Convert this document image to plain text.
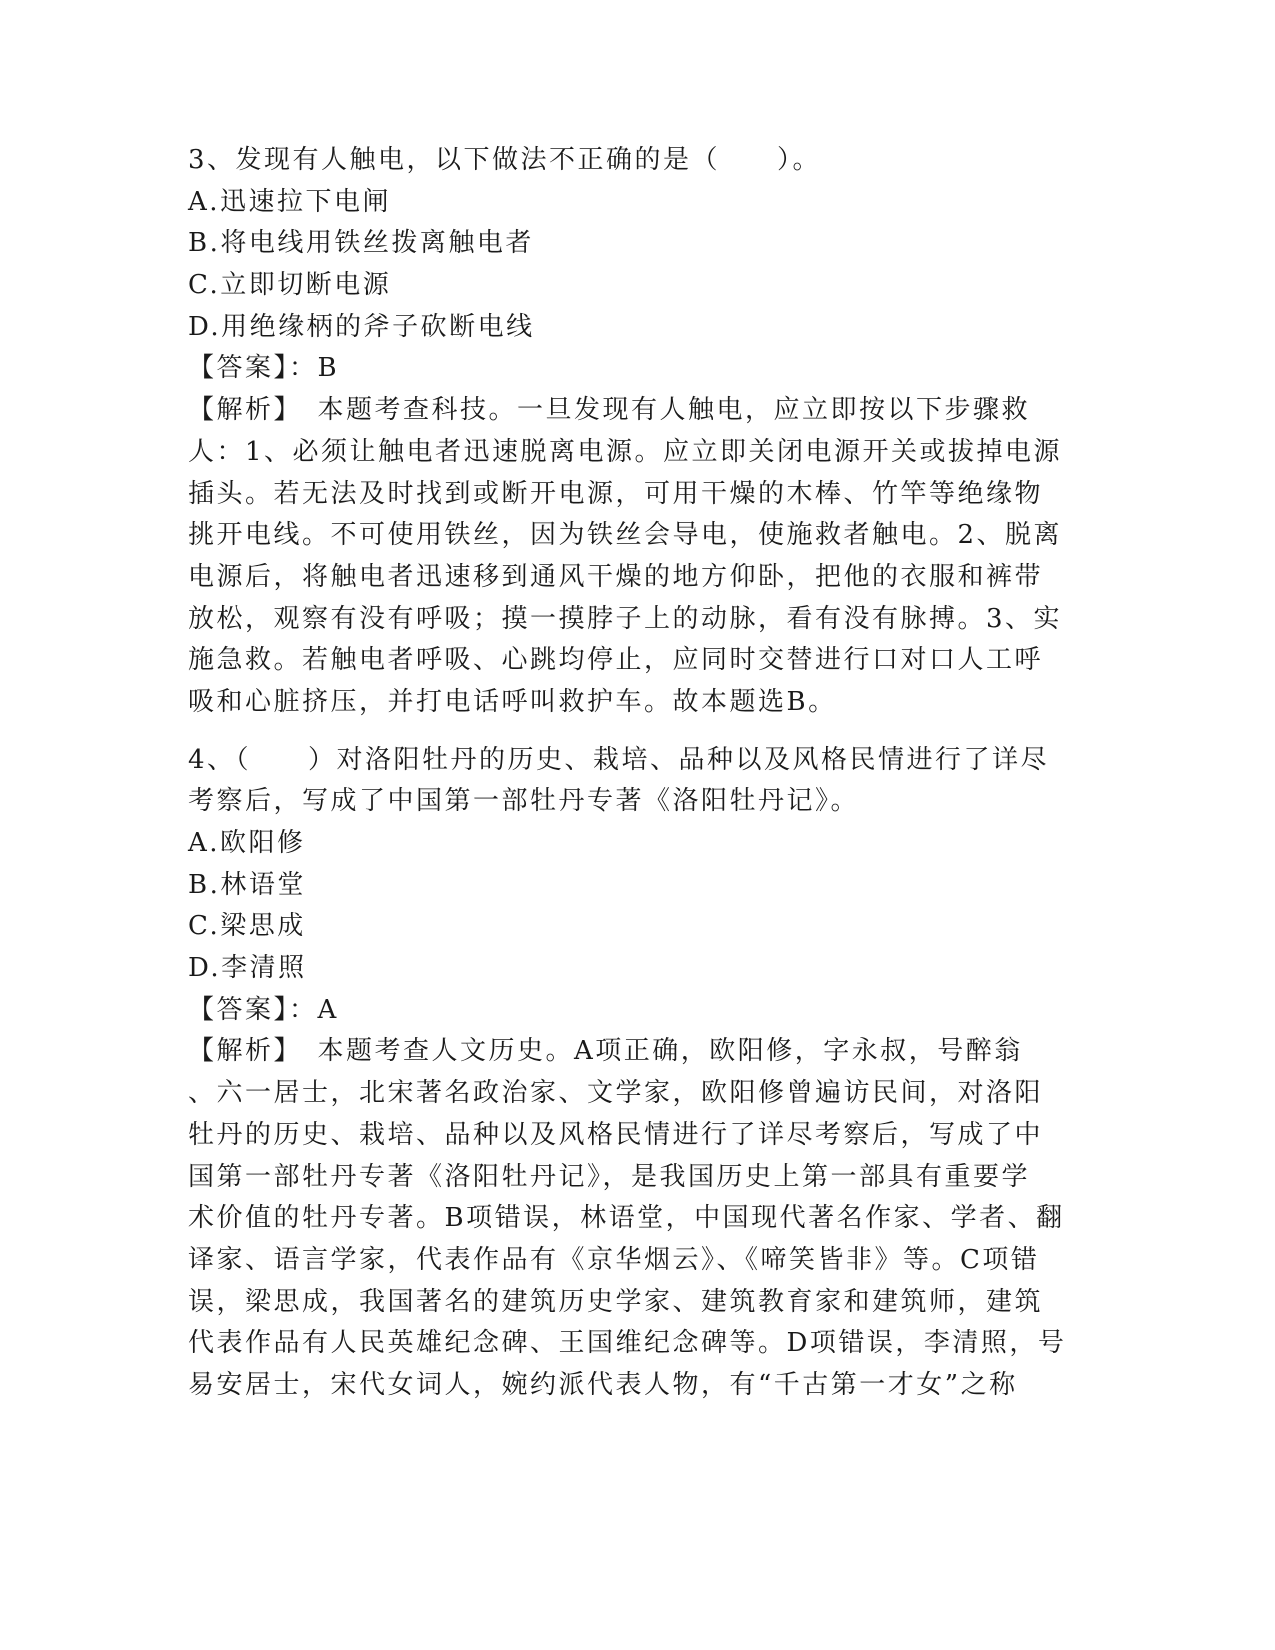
3、发现有人触电，以下做法不正确的是（　　）。
A.迅速拉下电闸
B.将电线用铁丝拨离触电者
C.立即切断电源
D.用绝缘柄的斧子砍断电线
【答案】：B
【解析】　本题考查科技。一旦发现有人触电，应立即按以下步骤救
人：1、必须让触电者迅速脱离电源。应立即关闭电源开关或拔掉电源
插头。若无法及时找到或断开电源，可用干燥的木棒、竹竿等绝缘物
挑开电线。不可使用铁丝，因为铁丝会导电，使施救者触电。2、脱离
电源后，将触电者迅速移到通风干燥的地方仰卧，把他的衣服和裤带
放松，观察有没有呼吸；摸一摸脖子上的动脉，看有没有脉搏。3、实
施急救。若触电者呼吸、心跳均停止，应同时交替进行口对口人工呼
吸和心脏挤压，并打电话呼叫救护车。故本题选B。
4、（　　）对洛阳牡丹的历史、栽培、品种以及风格民情进行了详尽
考察后，写成了中国第一部牡丹专著《洛阳牡丹记》。
A.欧阳修
B.林语堂
C.梁思成
D.李清照
【答案】：A
【解析】　本题考查人文历史。A项正确，欧阳修，字永叔，号醉翁
、六一居士，北宋著名政治家、文学家，欧阳修曾遍访民间，对洛阳
牡丹的历史、栽培、品种以及风格民情进行了详尽考察后，写成了中
国第一部牡丹专著《洛阳牡丹记》，是我国历史上第一部具有重要学
术价值的牡丹专著。B项错误，林语堂，中国现代著名作家、学者、翻
译家、语言学家，代表作品有《京华烟云》、《啼笑皆非》等。C项错
误，梁思成，我国著名的建筑历史学家、建筑教育家和建筑师，建筑
代表作品有人民英雄纪念碑、王国维纪念碑等。D项错误，李清照，号
易安居士，宋代女词人，婉约派代表人物，有“千古第一才女”之称
